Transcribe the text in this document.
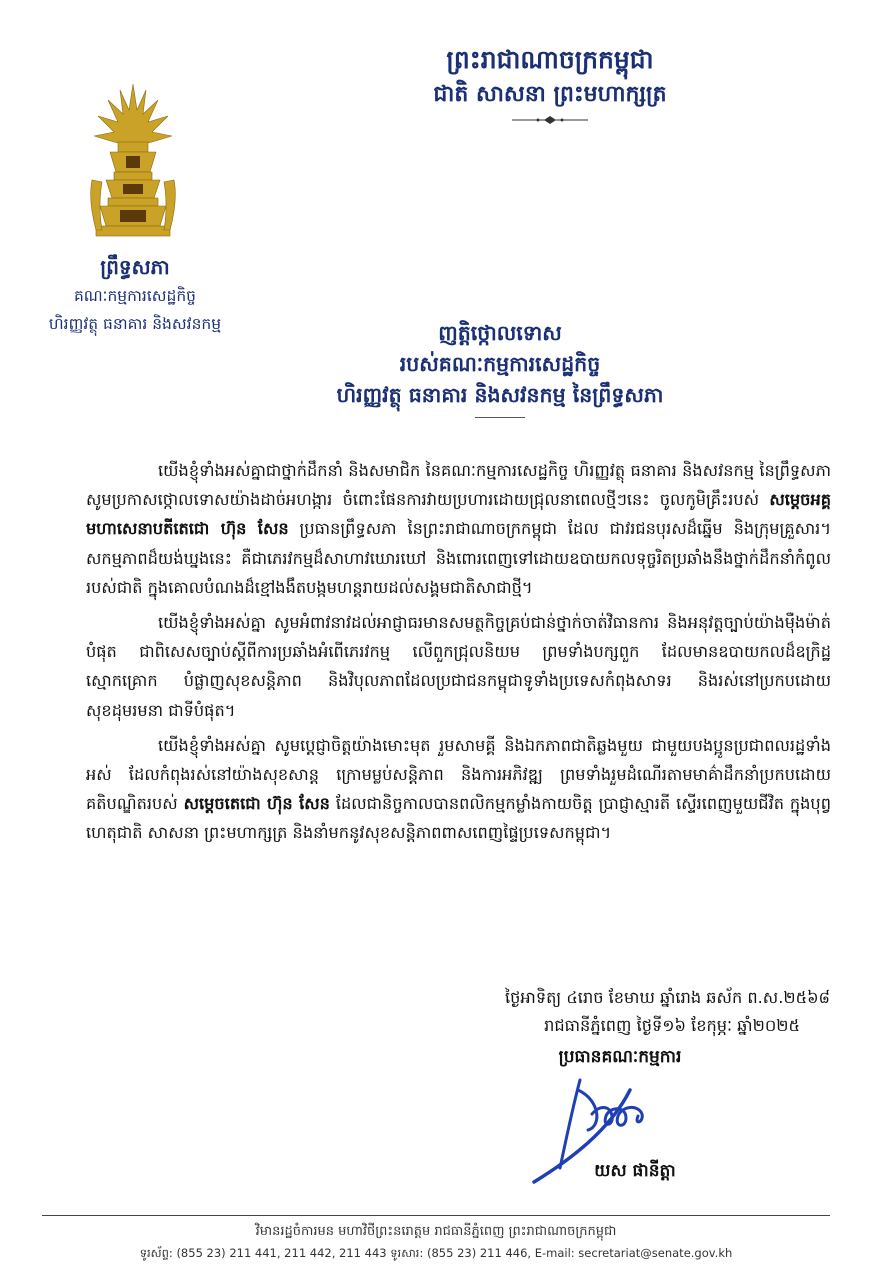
ព្រះរាជាណាចក្រកម្ពុជា
ជាតិ សាសនា ព្រះមហាក្សត្រ
ព្រឹទ្ធសភា
គណៈកម្មការសេដ្ឋកិច្ច
ហិរញ្ញវត្ថុ ធនាគារ និងសវនកម្ម	ញត្តិថ្កោលទោស
របស់គណៈកម្មការសេដ្ឋកិច្ច
ហិរញ្ញវត្ថុ ធនាគារ និងសវនកម្ម នៃព្រឹទ្ធសភា

យើងខ្ញុំទាំងអស់គ្នាជាថ្នាក់ដឹកនាំ និងសមាជិក នៃគណៈកម្មការសេដ្ឋកិច្ច ហិរញ្ញវត្ថុ ធនាគារ និងសវនកម្ម នៃព្រឹទ្ធសភា សូមប្រកាសថ្កោលទោសយ៉ាងដាច់អហង្ការ ចំពោះផែនការវាយប្រហារដោយជ្រុលនាពេលថ្មីៗនេះ ចូលកូមិគ្រឹះរបស់ សម្តេចអគ្គមហាសេនាបតីតេជោ ហ៊ុន សែន ប្រធានព្រឹទ្ធសភា នៃព្រះរាជាណាចក្រកម្ពុជា ដែល ជាវរជនបុរសដ៏ឆ្នើម និងក្រុមគ្រួសារ។ សកម្មភាពដ៏យង់ឃ្នងនេះ គឺជាភេរវកម្មដ៏សាហាវឃោរឃៅ និងពោរពេញទៅដោយឧបាយកលទុច្ចរិតប្រឆាំងនឹងថ្នាក់ដឹកនាំកំពូលរបស់ជាតិ ក្នុងគោលបំណងដ៏ខ្មៅងងឹតបង្កមហន្តរាយដល់សង្គមជាតិសាជាថ្មី។

យើងខ្ញុំទាំងអស់គ្នា សូមអំពាវនាវដល់អាជ្ញាធរមានសមត្ថកិច្ចគ្រប់ជាន់ថ្នាក់ចាត់វិធានការ និងអនុវត្តច្បាប់យ៉ាងម៉ឺងម៉ាត់បំផុត ជាពិសេសច្បាប់ស្តីពីការប្រឆាំងអំពើភេរវកម្ម លើពួកជ្រុលនិយម ព្រមទាំងបក្សពួក ដែលមានឧបាយកលដ៏ឧក្រិដ្ឋស្មោកគ្រោក បំផ្លាញសុខសន្តិភាព និងវិបុលភាពដែលប្រជាជនកម្ពុជាទូទាំងប្រទេសកំពុងសាទរ និងរស់នៅប្រកបដោយសុខដុមរមនា ជាទីបំផុត។

យើងខ្ញុំទាំងអស់គ្នា សូមប្តេជ្ញាចិត្តយ៉ាងមោះមុត រួមសាមគ្គី និងឯកភាពជាតិឆ្លងមួយ ជាមួយបងប្អូនប្រជាពលរដ្ឋទាំងអស់ ដែលកំពុងរស់នៅយ៉ាងសុខសាន្ត ក្រោមម្លប់សន្តិភាព និងការអភិវឌ្ឍ ព្រមទាំងរួមដំណើរតាមមាគ៌ាដឹកនាំប្រកបដោយគតិបណ្ឌិតរបស់ សម្តេចតេជោ ហ៊ុន សែន ដែលជានិច្ចកាលបានពលិកម្មកម្លាំងកាយចិត្ត ប្រាជ្ញាស្មារតី ស្ទើរពេញមួយជីវិត ក្នុងបុព្វហេតុជាតិ សាសនា ព្រះមហាក្សត្រ និងនាំមកនូវសុខសន្តិភាពពាសពេញផ្ទៃប្រទេសកម្ពុជា។

ថ្ងៃអាទិត្យ ៤រោច ខែមាឃ ឆ្នាំរោង ឆស័ក ព.ស.២៥៦៨
រាជធានីភ្នំពេញ ថ្ងៃទី១៦ ខែកុម្ភៈ ឆ្នាំ២០២៥
ប្រធានគណៈកម្មការ
យស ផានីត្តា
វិមានរដ្ឋចំការមន មហាវិថីព្រះនរោត្តម រាជធានីភ្នំពេញ ព្រះរាជាណាចក្រកម្ពុជា
ទូរស័ព្ទ: (855 23) 211 441, 211 442, 211 443 ទូរសារ: (855 23) 211 446, E-mail: secretariat@senate.gov.kh
